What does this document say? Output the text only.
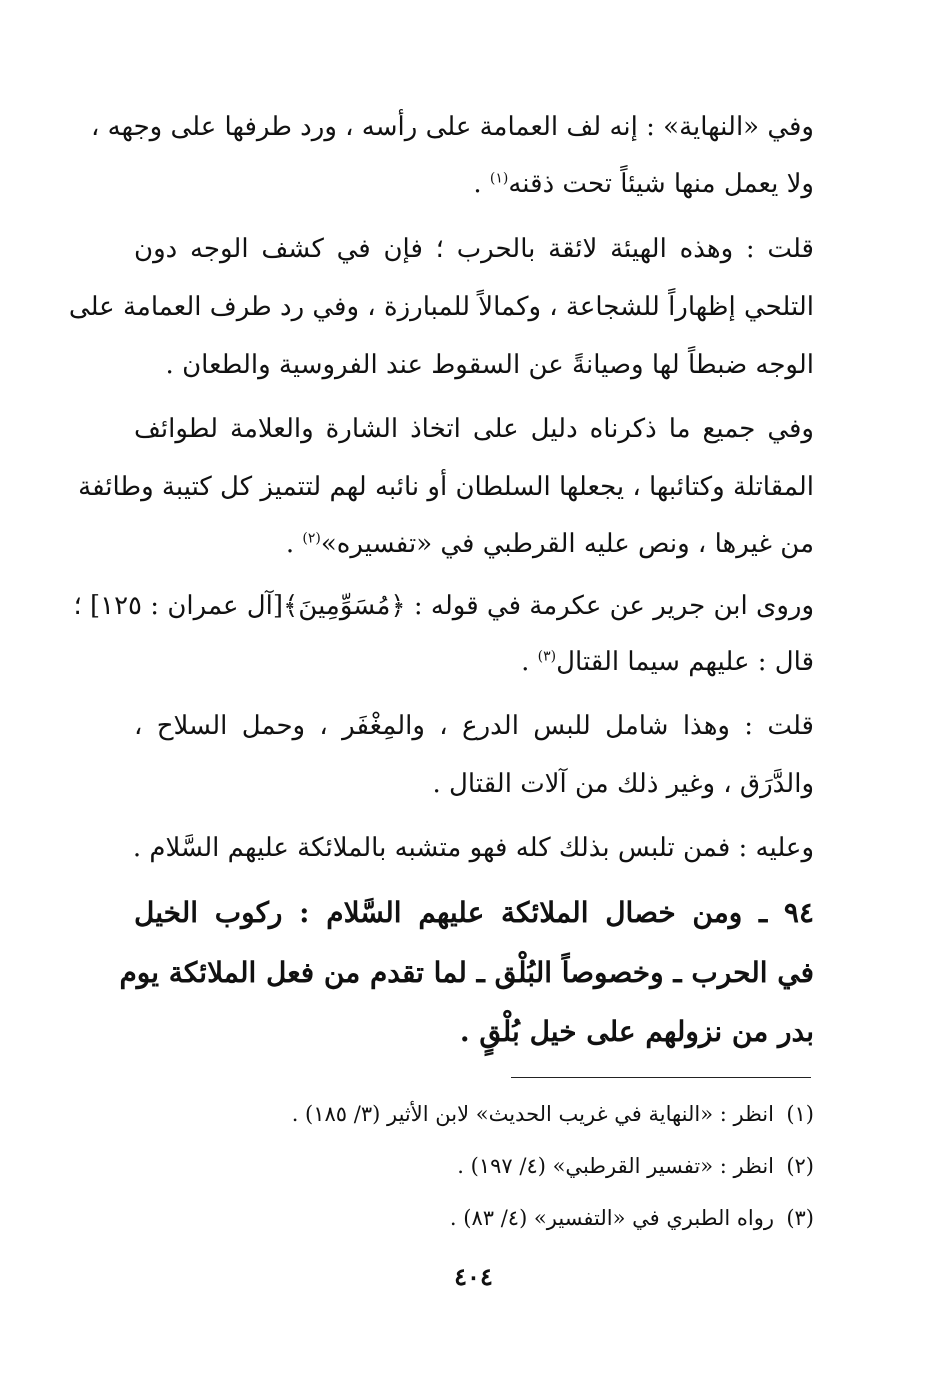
وفي «النهاية» : إنه لف العمامة على رأسه ، ورد طرفها على وجهه ،
ولا يعمل منها شيئاً تحت ذقنه$^{(١)}$ .
قلت : وهذه الهيئة لائقة بالحرب ؛ فإن في كشف الوجه دون
التلحي إظهاراً للشجاعة ، وكمالاً للمبارزة ، وفي رد طرف العمامة على
الوجه ضبطاً لها وصيانةً عن السقوط عند الفروسية والطعان .
وفي جميع ما ذكرناه دليل على اتخاذ الشارة والعلامة لطوائف
المقاتلة وكتائبها ، يجعلها السلطان أو نائبه لهم لتتميز كل كتيبة وطائفة
من غيرها ، ونص عليه القرطبي في «تفسيره»$^{(٢)}$ .
وروى ابن جرير عن عكرمة في قوله : ﴿مُسَوِّمِينَ﴾[آل عمران : ١٢٥] ؛
قال : عليهم سيما القتال$^{(٣)}$ .
قلت : وهذا شامل للبس الدرع ، والمِغْفَر ، وحمل السلاح ،
والدَّرَق ، وغير ذلك من آلات القتال .
وعليه : فمن تلبس بذلك كله فهو متشبه بالملائكة عليهم السَّلام .
٩٤ ـ ومن خصال الملائكة عليهم السَّلام : ركوب الخيل
في الحرب ـ وخصوصاً البُلْق ـ لما تقدم من فعل الملائكة يوم
بدر من نزولهم على خيل بُلْقٍ .
(١)انظر : «النهاية في غريب الحديث» لابن الأثير (٣/ ١٨٥) .
(٢)انظر : «تفسير القرطبي» (٤/ ١٩٧) .
(٣)رواه الطبري في «التفسير» (٤/ ٨٣) .
٤٠٤
